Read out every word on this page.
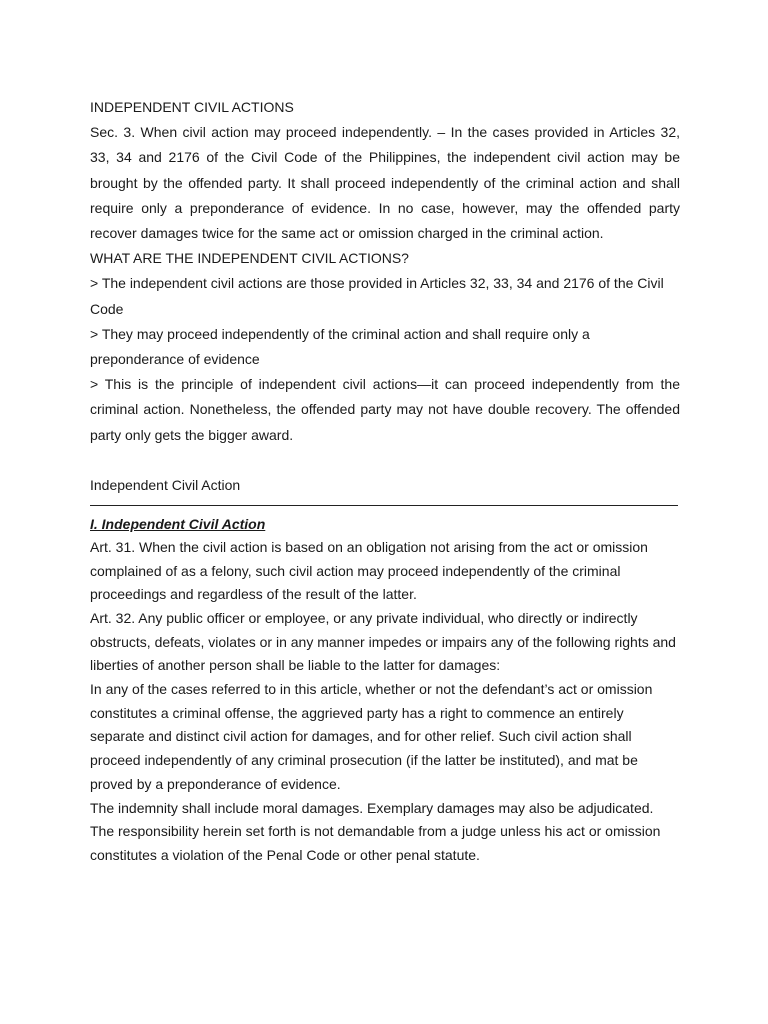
INDEPENDENT CIVIL ACTIONS

Sec. 3. When civil action may proceed independently. – In the cases provided in Articles 32, 33, 34 and 2176 of the Civil Code of the Philippines, the independent civil action may be brought by the offended party. It shall proceed independently of the criminal action and shall require only a preponderance of evidence. In no case, however, may the offended party recover damages twice for the same act or omission charged in the criminal action.

WHAT ARE THE INDEPENDENT CIVIL ACTIONS?

> The independent civil actions are those provided in Articles 32, 33, 34 and 2176 of the Civil Code

> They may proceed independently of the criminal action and shall require only a preponderance of evidence

> This is the principle of independent civil actions—it can proceed independently from the criminal action. Nonetheless, the offended party may not have double recovery. The offended party only gets the bigger award.

Independent Civil Action

I. Independent Civil Action

Art. 31. When the civil action is based on an obligation not arising from the act or omission complained of as a felony, such civil action may proceed independently of the criminal proceedings and regardless of the result of the latter.

Art. 32. Any public officer or employee, or any private individual, who directly or indirectly obstructs, defeats, violates or in any manner impedes or impairs any of the following rights and liberties of another person shall be liable to the latter for damages:

In any of the cases referred to in this article, whether or not the defendant’s act or omission constitutes a criminal offense, the aggrieved party has a right to commence an entirely separate and distinct civil action for damages, and for other relief. Such civil action shall proceed independently of any criminal prosecution (if the latter be instituted), and mat be proved by a preponderance of evidence.

The indemnity shall include moral damages. Exemplary damages may also be adjudicated.

The responsibility herein set forth is not demandable from a judge unless his act or omission constitutes a violation of the Penal Code or other penal statute.
